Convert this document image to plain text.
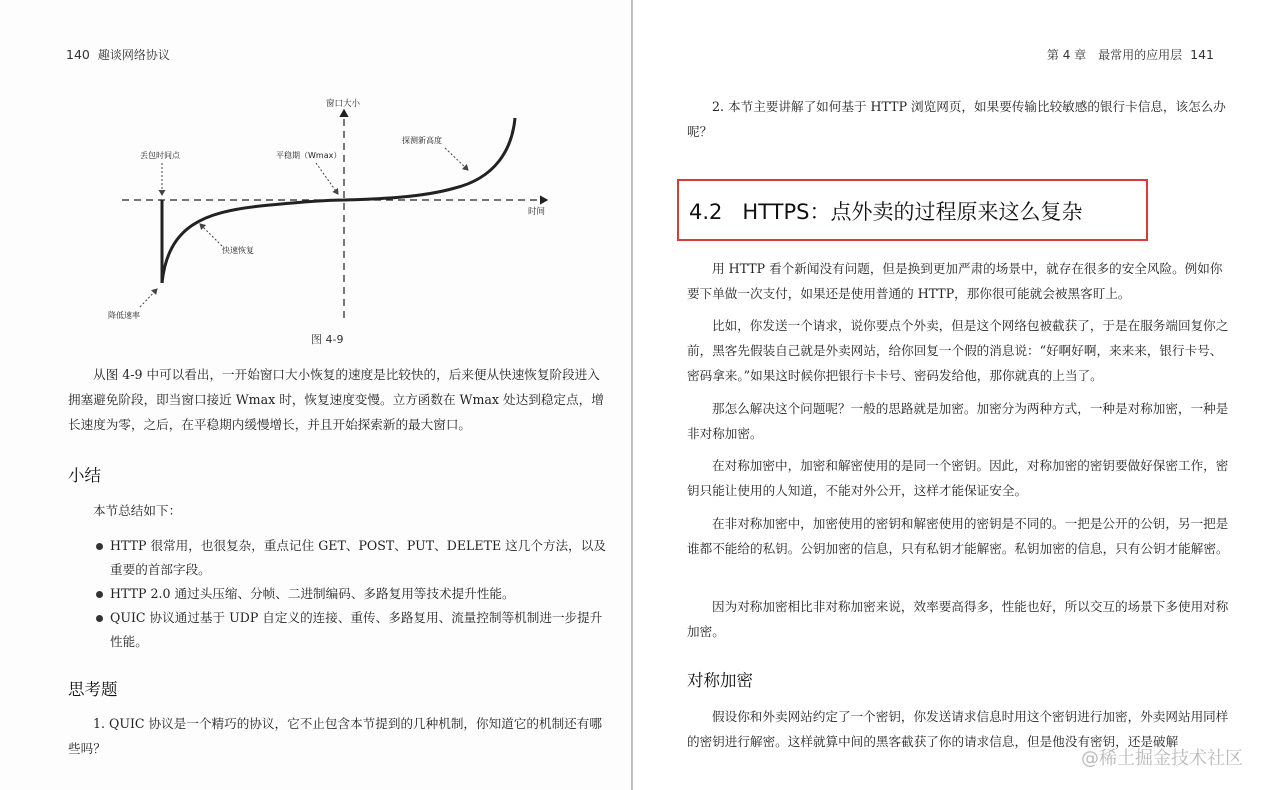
140 趣谈网络协议
窗口大小
时间
丢包时间点	平稳期（Wmax）
探测新高度
快速恢复
降低速率
图 4-9

从图 4-9 中可以看出，一开始窗口大小恢复的速度是比较快的，后来便从快速恢复阶段进入拥塞避免阶段，即当窗口接近 Wmax 时，恢复速度变慢。立方函数在 Wmax 处达到稳定点，增长速度为零，之后，在平稳期内缓慢增长，并且开始探索新的最大窗口。

小结

本节总结如下：

HTTP 很常用，也很复杂，重点记住 GET、POST、PUT、DELETE 这几个方法，以及重要的首部字段。
HTTP 2.0 通过头压缩、分帧、二进制编码、多路复用等技术提升性能。
QUIC 协议通过基于 UDP 自定义的连接、重传、多路复用、流量控制等机制进一步提升性能。
思考题

1. QUIC 协议是一个精巧的协议，它不止包含本节提到的几种机制，你知道它的机制还有哪些吗？

第 4 章　最常用的应用层 141

2. 本节主要讲解了如何基于 HTTP 浏览网页，如果要传输比较敏感的银行卡信息，该怎么办呢？

4.2 HTTPS：点外卖的过程原来这么复杂

用 HTTP 看个新闻没有问题，但是换到更加严肃的场景中，就存在很多的安全风险。例如你要下单做一次支付，如果还是使用普通的 HTTP，那你很可能就会被黑客盯上。

比如，你发送一个请求，说你要点个外卖，但是这个网络包被截获了，于是在服务端回复你之前，黑客先假装自己就是外卖网站，给你回复一个假的消息说：“好啊好啊，来来来，银行卡号、密码拿来。”如果这时候你把银行卡卡号、密码发给他，那你就真的上当了。

那怎么解决这个问题呢？一般的思路就是加密。加密分为两种方式，一种是对称加密，一种是非对称加密。

在对称加密中，加密和解密使用的是同一个密钥。因此，对称加密的密钥要做好保密工作，密钥只能让使用的人知道，不能对外公开，这样才能保证安全。

在非对称加密中，加密使用的密钥和解密使用的密钥是不同的。一把是公开的公钥，另一把是谁都不能给的私钥。公钥加密的信息，只有私钥才能解密。私钥加密的信息，只有公钥才能解密。

因为对称加密相比非对称加密来说，效率要高得多，性能也好，所以交互的场景下多使用对称加密。

对称加密

假设你和外卖网站约定了一个密钥，你发送请求信息时用这个密钥进行加密，外卖网站用同样的密钥进行解密。这样就算中间的黑客截获了你的请求信息，但是他没有密钥，还是破解

@稀土掘金技术社区
